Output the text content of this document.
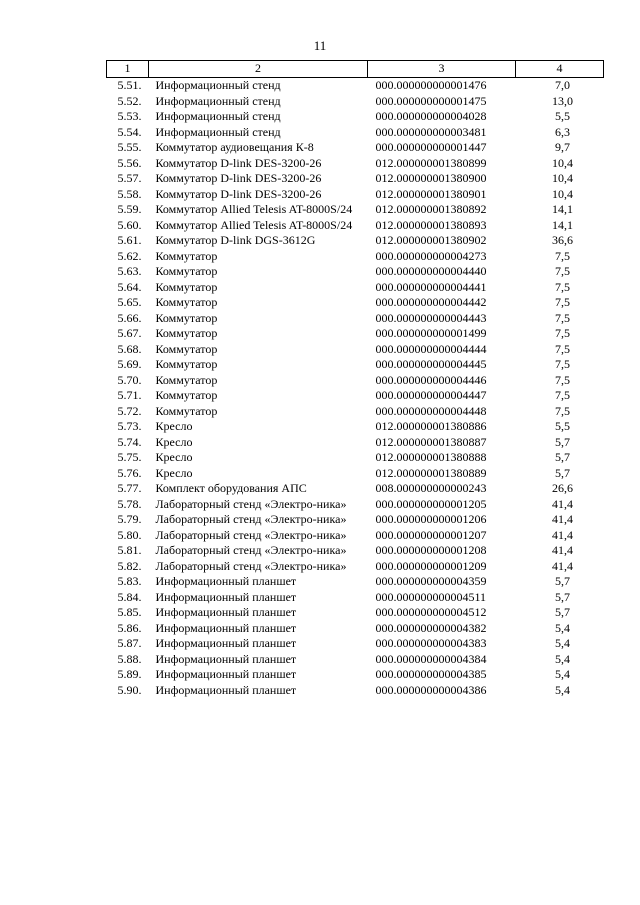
11
1	2	3	4
5.51.	Информационный стенд	000.000000000001476	7,0
5.52.	Информационный стенд	000.000000000001475	13,0
5.53.	Информационный стенд	000.000000000004028	5,5
5.54.	Информационный стенд	000.000000000003481	6,3
5.55.	Коммутатор аудиовещания К-8	000.000000000001447	9,7
5.56.	Коммутатор D-link DES-3200-26	012.000000001380899	10,4
5.57.	Коммутатор D-link DES-3200-26	012.000000001380900	10,4
5.58.	Коммутатор D-link DES-3200-26	012.000000001380901	10,4
5.59.	Коммутатор Allied Telesis AT-8000S/24	012.000000001380892	14,1
5.60.	Коммутатор Allied Telesis AT-8000S/24	012.000000001380893	14,1
5.61.	Коммутатор D-link DGS-3612G	012.000000001380902	36,6
5.62.	Коммутатор	000.000000000004273	7,5
5.63.	Коммутатор	000.000000000004440	7,5
5.64.	Коммутатор	000.000000000004441	7,5
5.65.	Коммутатор	000.000000000004442	7,5
5.66.	Коммутатор	000.000000000004443	7,5
5.67.	Коммутатор	000.000000000001499	7,5
5.68.	Коммутатор	000.000000000004444	7,5
5.69.	Коммутатор	000.000000000004445	7,5
5.70.	Коммутатор	000.000000000004446	7,5
5.71.	Коммутатор	000.000000000004447	7,5
5.72.	Коммутатор	000.000000000004448	7,5
5.73.	Кресло	012.000000001380886	5,5
5.74.	Кресло	012.000000001380887	5,7
5.75.	Кресло	012.000000001380888	5,7
5.76.	Кресло	012.000000001380889	5,7
5.77.	Комплект оборудования АПС	008.000000000000243	26,6
5.78.	Лабораторный стенд «Электро-ника»	000.000000000001205	41,4
5.79.	Лабораторный стенд «Электро-ника»	000.000000000001206	41,4
5.80.	Лабораторный стенд «Электро-ника»	000.000000000001207	41,4
5.81.	Лабораторный стенд «Электро-ника»	000.000000000001208	41,4
5.82.	Лабораторный стенд «Электро-ника»	000.000000000001209	41,4
5.83.	Информационный планшет	000.000000000004359	5,7
5.84.	Информационный планшет	000.000000000004511	5,7
5.85.	Информационный планшет	000.000000000004512	5,7
5.86.	Информационный планшет	000.000000000004382	5,4
5.87.	Информационный планшет	000.000000000004383	5,4
5.88.	Информационный планшет	000.000000000004384	5,4
5.89.	Информационный планшет	000.000000000004385	5,4
5.90.	Информационный планшет	000.000000000004386	5,4
